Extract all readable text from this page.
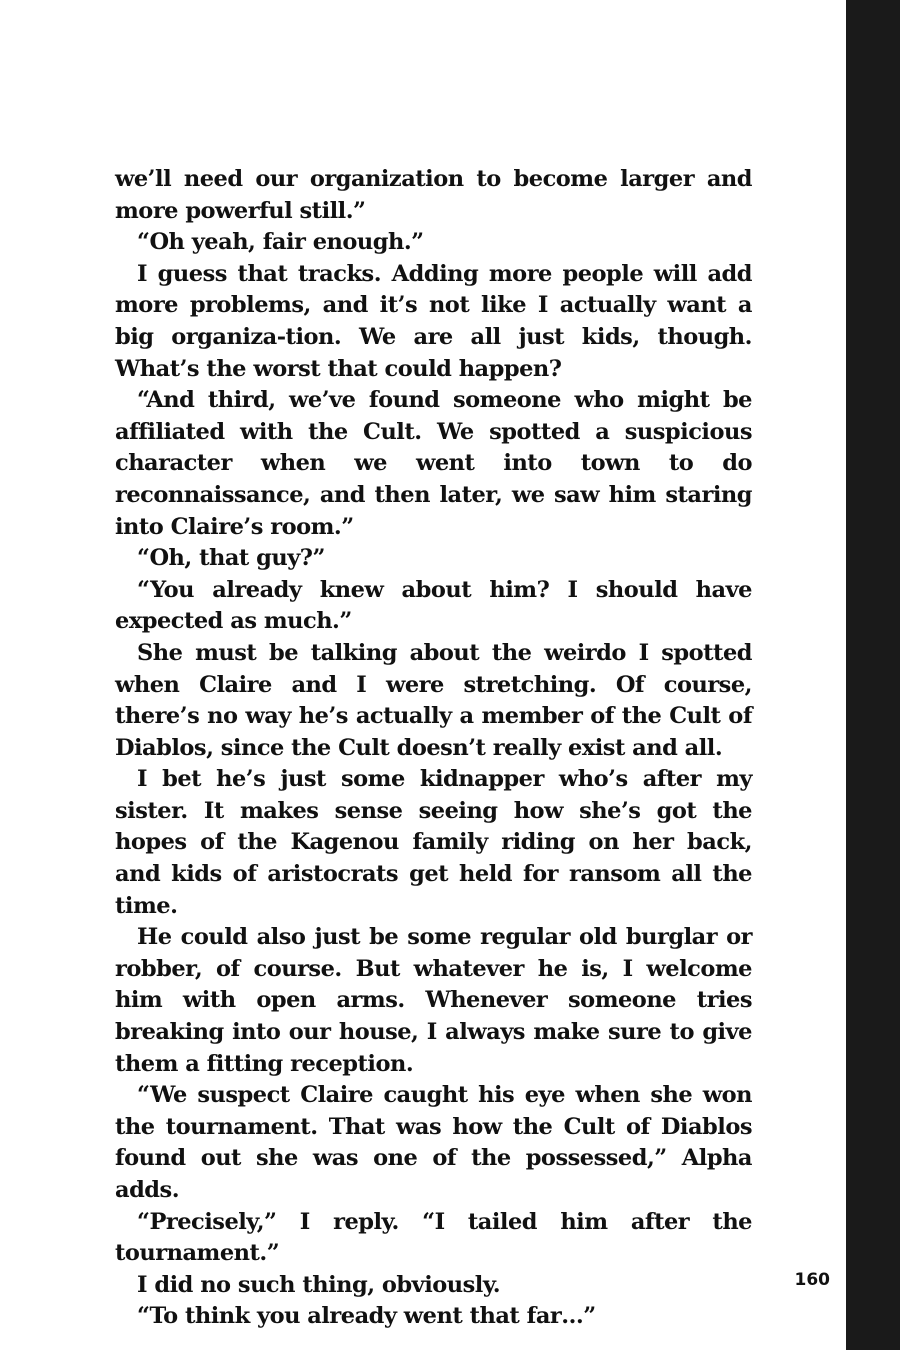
we’ll need our organization to become larger and more powerful still.”

“Oh yeah, fair enough.”

I guess that tracks. Adding more people will add more problems, and it’s not like I actually want a big organiza-tion. We are all just kids, though. What’s the worst that could happen?

“And third, we’ve found someone who might be affiliated with the Cult. We spotted a suspicious character when we went into town to do reconnaissance, and then later, we saw him staring into Claire’s room.”

“Oh, that guy?”

“You already knew about him? I should have expected as much.”

She must be talking about the weirdo I spotted when Claire and I were stretching. Of course, there’s no way he’s actually a member of the Cult of Diablos, since the Cult doesn’t really exist and all.

I bet he’s just some kidnapper who’s after my sister. It makes sense seeing how she’s got the hopes of the Kagenou family riding on her back, and kids of aristocrats get held for ransom all the time.

He could also just be some regular old burglar or robber, of course. But whatever he is, I welcome him with open arms. Whenever someone tries breaking into our house, I always make sure to give them a fitting reception.

“We suspect Claire caught his eye when she won the tournament. That was how the Cult of Diablos found out she was one of the possessed,” Alpha adds.

“Precisely,” I reply. “I tailed him after the tournament.”

I did no such thing, obviously.

“To think you already went that far…”

160
